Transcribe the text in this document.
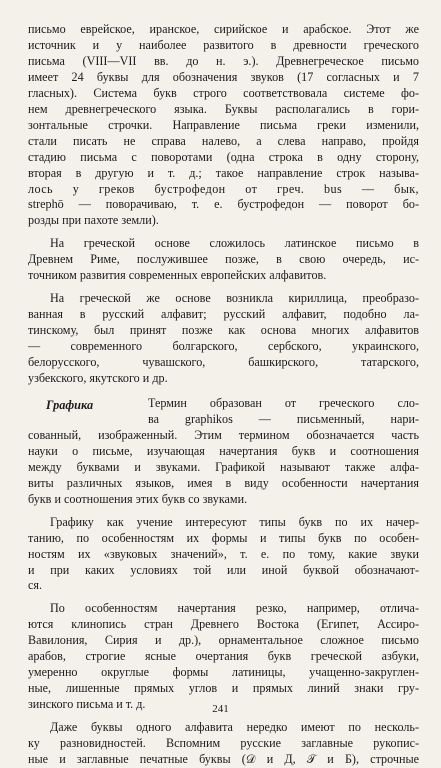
письмо еврейское, иранское, сирийское и арабское. Этот же
источник и у наиболее развитого в древности греческого
письма (VIII—VII вв. до н. э.). Древнегреческое письмо
имеет 24 буквы для обозначения звуков (17 согласных и 7
гласных). Система букв строго соответствовала системе фо-
нем древнегреческого языка. Буквы располагались в гори-
зонтальные строчки. Направление письма греки изменили,
стали писать не справа налево, а слева направо, пройдя
стадию письма с поворотами (одна строка в одну сторону,
вторая в другую и т. д.; такое направление строк называ-
лось у греков бустрофедон от греч. bus — бык,
strephō — поворачиваю, т. е. бустрофедон — поворот бо-
розды при пахоте земли).

На греческой основе сложилось латинское письмо в
Древнем Риме, послужившее позже, в свою очередь, ис-
точником развития современных европейских алфавитов.

На греческой же основе возникла кириллица, преобразо-
ванная в русский алфавит; русский алфавит, подобно ла-
тинскому, был принят позже как основа многих алфавитов
— современного болгарского, сербского, украинского,
белорусского, чувашского, башкирского, татарского,
узбекского, якутского и др.

Графика	Термин образован от греческого сло-
ва graphikos — письменный, нари-

сованный, изображенный. Этим термином обозначается часть
науки о письме, изучающая начертания букв и соотношения
между буквами и звуками. Графикой называют также алфа-
виты различных языков, имея в виду особенности начертания
букв и соотношения этих букв со звуками.

Графику как учение интересуют типы букв по их начер-
танию, по особенностям их формы и типы букв по особен-
ностям их «звуковых значений», т. е. по тому, какие звуки
и при каких условиях той или иной буквой обозначают-
ся.

По особенностям начертания резко, например, отлича-
ются клинопись стран Древнего Востока (Египет, Ассиро-
Вавилония, Сирия и др.), орнаментальное сложное письмо
арабов, строгие ясные очертания букв греческой азбуки,
умеренно округлые формы латиницы, учащенно-закруглен-
ные, лишенные прямых углов и прямых линий знаки гру-
зинского письма и т. д.

Даже буквы одного алфавита нередко имеют по несколь-
ку разновидностей. Вспомним русские заглавные рукопис-
ные и заглавные печатные буквы (𝒟 и Д, 𝒯 и Б), строчные

241
